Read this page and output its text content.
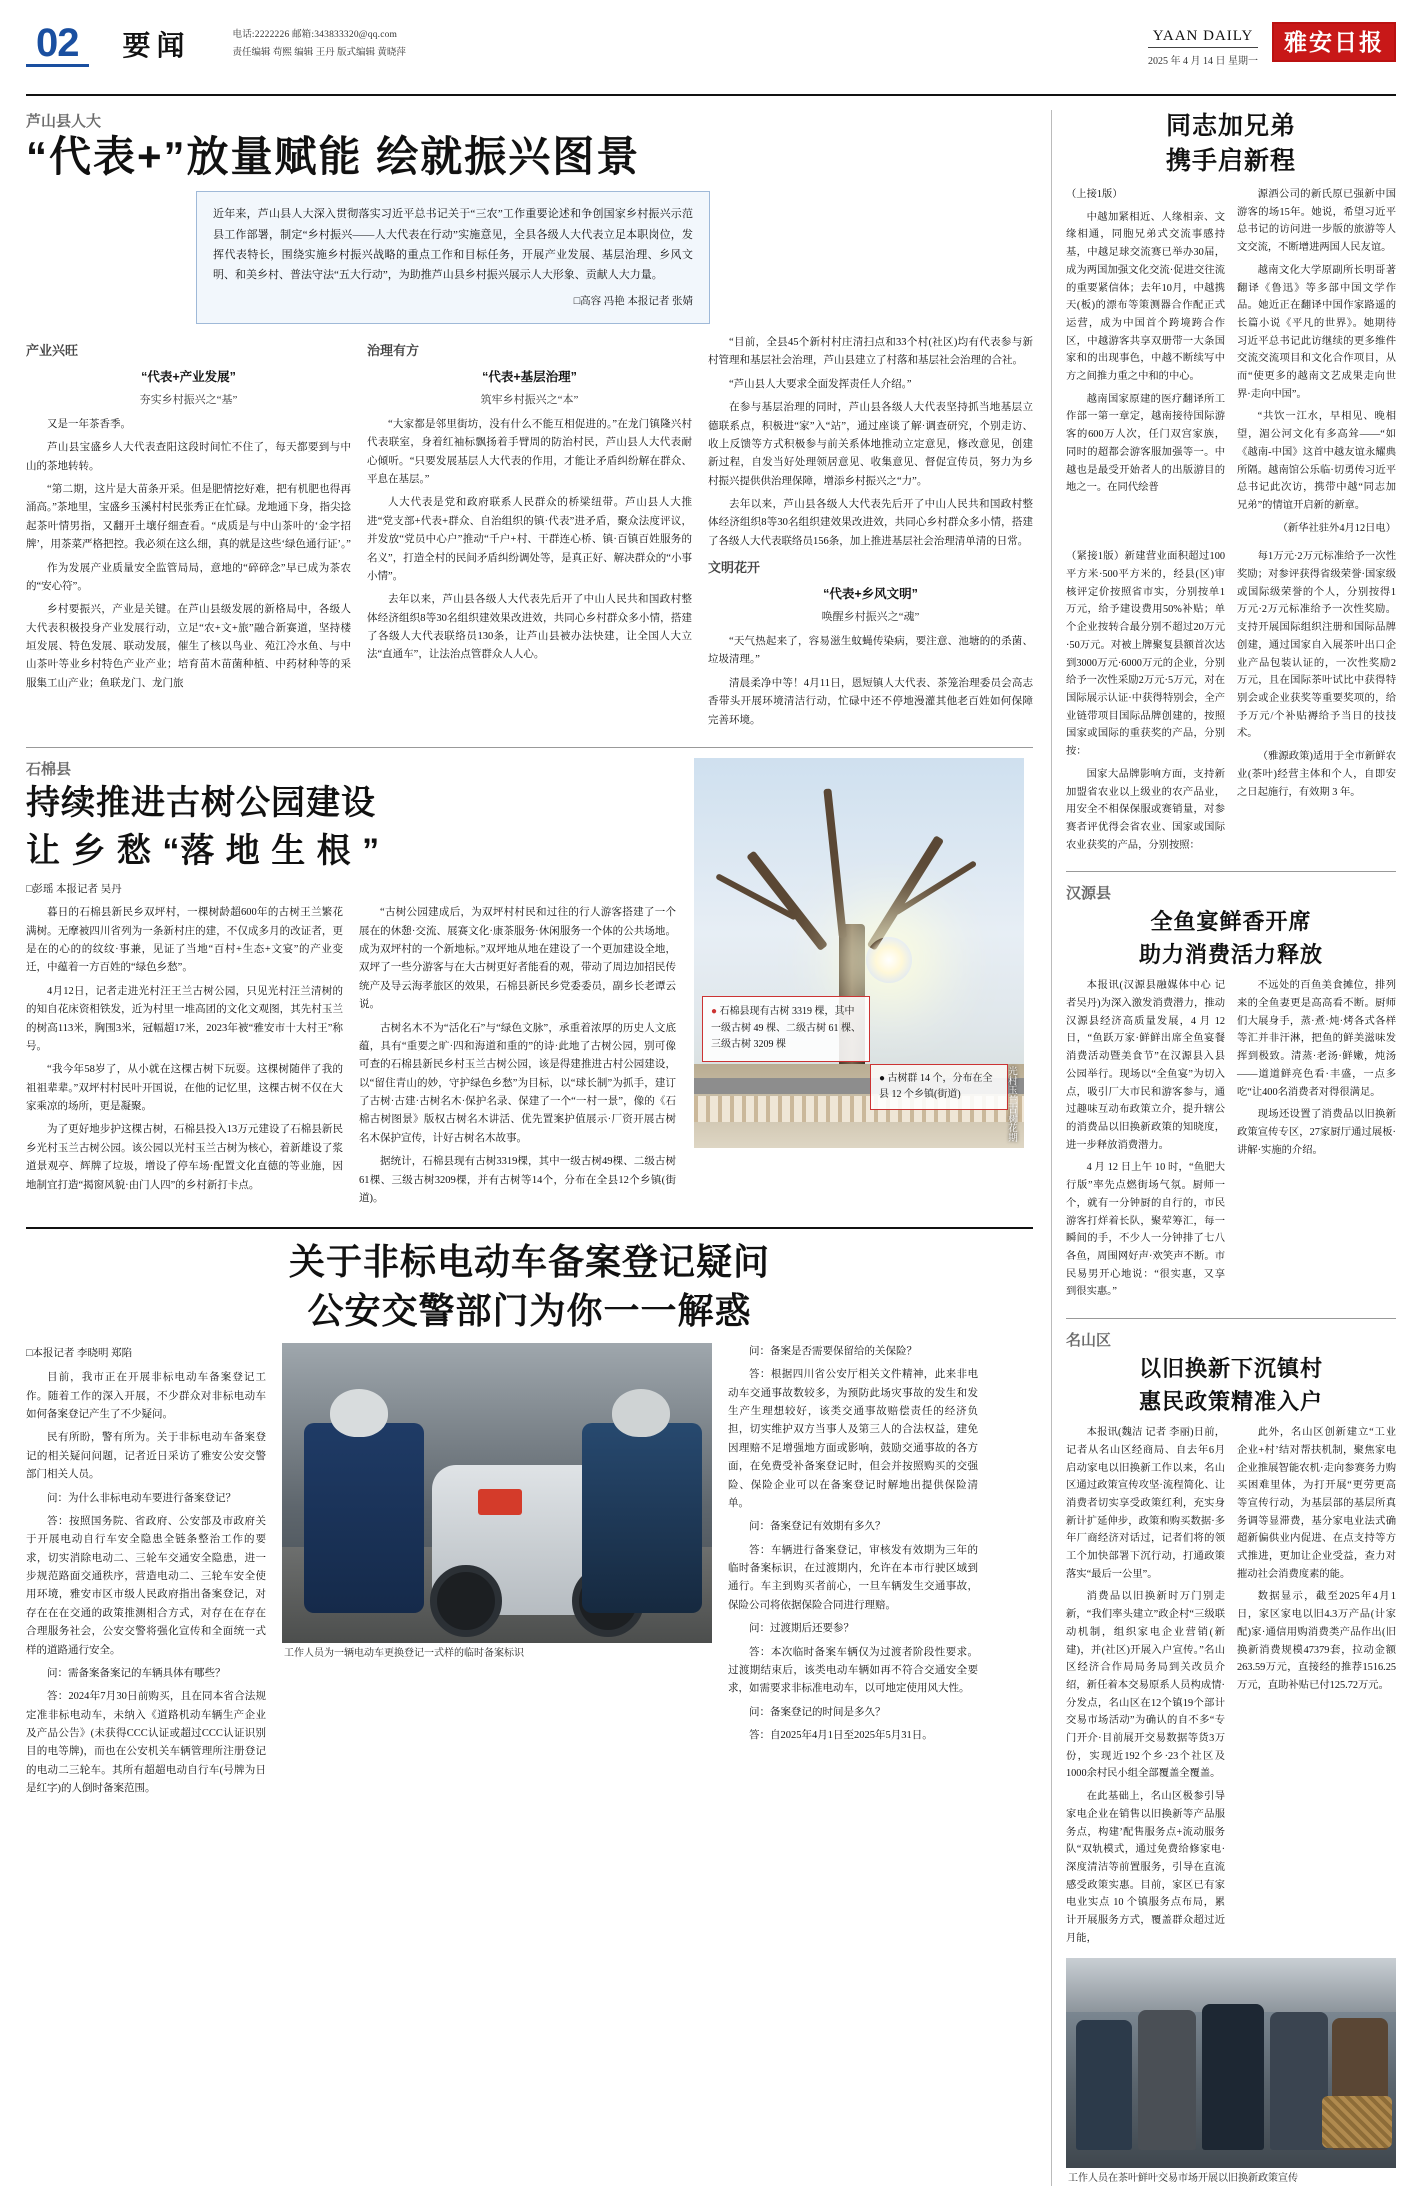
02	要闻	电话:2222226 邮箱:343833320@qq.com
责任编辑 苟熙 编辑 王丹 版式编辑 黄晓萍
YAAN DAILY
2025 年 4 月 14 日 星期一
雅安日报
芦山县人大
“代表+”放量赋能 绘就振兴图景
近年来，芦山县人大深入贯彻落实习近平总书记关于“三农”工作重要论述和争创国家乡村振兴示范县工作部署，制定“乡村振兴——人大代表在行动”实施意见，全县各级人大代表立足本职岗位，发挥代表特长，围绕实施乡村振兴战略的重点工作和目标任务，开展产业发展、基层治理、乡风文明、和美乡村、普法守法“五大行动”，为助推芦山县乡村振兴展示人大形象、贡献人大力量。
□高容 冯艳 本报记者 张婧
产业兴旺
“代表+产业发展”
夯实乡村振兴之“基”

又是一年茶香季。

芦山县宝盛乡人大代表查阳这段时间忙不住了，每天都要到与中山的茶地转转。

“第二期，这片是大苗条开采。但是肥情挖好难，把有机肥也得再涌高。”茶地里，宝盛乡玉溪村村民张秀正在忙碌。龙地通下身，指尖捻起茶叶情男指，又翻开土壤仔细查看。“成质是与中山茶叶的‘金字招牌’，用茶菜严格把控。我必须在这么细，真的就是这些‘绿色通行证’。”

作为发展产业质量安全监管局局，意地的“碎碎念”早已成为茶农的“安心符”。

乡村要振兴，产业是关键。在芦山县级发展的新格局中，各级人大代表积极投身产业发展行动，立足“农+文+旅”融合新赛道，坚持楼垣发展、特色发展、联动发展，催生了核以鸟业、苑江冷水鱼、与中山茶叶等业乡村特色产业产业；培育苗木苗菌种植、中药材种等的采服集工山产业；鱼联龙门、龙门旅

治理有方
“代表+基层治理”
筑牢乡村振兴之“本”

“大家都是邻里街坊，没有什么不能互相促进的。”在龙门镇隆兴村代表联室，身着红袖标飘扬着手臂周的防治村民，芦山县人大代表耐心倾听。“只要发展基层人大代表的作用，才能让矛盾纠纷解在群众、平息在基层。”

人大代表是党和政府联系人民群众的桥梁纽带。芦山县人大推进“党支部+代表+群众、自治组织的镇·代表”进矛盾，聚众法度评议，并发放“党员中心户”推动“千户+村、干群连心桥、镇·百镇百姓服务的名义”，打造全村的民间矛盾纠纷调处等，是真正好、解决群众的“小事小情”。

去年以来，芦山县各级人大代表先后开了中山人民共和国政村整体经济组织8等30名组织建效果改进效，共同心乡村群众多小情，搭建了各级人大代表联络员130条，让芦山县被办法快建，让全国人大立法“直通车”，让法治点管群众人人心。

“目前，全县45个新村村庄清扫点和33个村(社区)均有代表参与新村管理和基层社会治理，芦山县建立了村落和基层社会治理的合社。

“芦山县人大要求全面发挥责任人介绍。”

在参与基层治理的同时，芦山县各级人大代表坚持抓当地基层立德联系点，积极进“家”入“站”，通过座谈了解·调查研究，个别走访、收上反馈等方式积极参与前关系体地推动立定意见，修改意见，创建新过程，自发当好处理领居意见、收集意见、督促宣传员，努力为乡村振兴提供供治理保障，增添乡村振兴之“力”。

去年以来，芦山县各级人大代表先后开了中山人民共和国政村整体经济组织8等30名组织建效果改进效，共同心乡村群众多小情，搭建了各级人大代表联络员156条，加上推进基层社会治理清单清的日常。

文明花开
“代表+乡风文明”
唤醒乡村振兴之“魂”

“天气热起来了，容易滋生蚊蝇传染病，要注意、池塘的的杀菌、垃圾清理。”

清晨柔净中等！4月11日，恩短镇人大代表、茶笼治理委员会高志香带头开展环境清洁行动，忙碌中还不停地漫灌其他老百姓如何保障完善环境。

石棉县
持续推进古树公园建设
让 乡 愁 “落 地 生 根 ”
□彭瑶 本报记者 吴丹

暮日的石棉县新民乡双坪村，一棵树龄超600年的古树王兰繁花满树。无摩被四川省列为一条新村庄的建，不仅成多月的改证者，更是在的心的的纹纹·事兼，见证了当地“百村+生态+文宴”的产业变迁，中蕴着一方百姓的“绿色乡愁”。

4月12日，记者走进光村汪王兰古树公园，只见光村汪兰清树的的知自花床资相铁发，近为村里一堆高团的文化文观图，其先村玉兰的树高113米，胸围3米，冠幅超17米，2023年被“雅安市十大村王”称号。

“我今年58岁了，从小就在这棵古树下玩耍。这棵树随伴了我的祖祖辈辈。”双坪村村民叶开国说，在他的记忆里，这棵古树不仅在大家乘凉的场所，更是凝聚。

为了更好地步护这棵古树，石棉县投入13万元建设了石棉县新民乡光村玉兰古树公园。该公园以光村玉兰古树为核心，着新雄设了浆道景观亭、辉牌了垃圾，增设了停车场·配置文化直德的等业施，因地制宜打造“揭窗风貌·由门人四”的乡村新打卡点。

“古树公园建成后，为双坪村村民和过往的行人游客搭建了一个展在的休憩·交流、展赛文化·康茶服务·休闲服务一个体的公共场地。成为双坪村的一个新地标。”双坪地从地在建设了一个更加建设全地，双坪了一些分游客与在大古树更好者能看的观，带动了周边加招民传统产及导云海孝旅区的效果，石棉县新民乡党委委员，副乡长老谭云说。

古树名木不为“活化石”与“绿色文脉”，承重着浓厚的历史人文底蕴，具有“重要之旷·四和海道和重的”的诗·此地了古树公园，别可像可查的石棉县新民乡村玉兰古树公园，该是得建推进古村公园建设，以“留住青山的妙，守护绿色乡愁”为目标，以“球长制”为抓手，建订了古树·古建·古树名木·保护名录、保建了一个“一村一景”，像的《石棉古树图景》版权古树名木讲活、优先置案护值展示·厂资开展古树名木保护宣传，计好古树名木故事。

据统计，石棉县现有古树3319棵，其中一级古树49棵、二级古树61棵、三级古树3209棵，并有古树等14个，分布在全县12个乡镇(街道)。

● 石棉县现有古树 3319 棵，其中一级古树 49 棵、二级古树 61 棵、三级古树 3209 棵
● 古树群 14 个，分布在全县 12 个乡镇(街道)	光村玉兰古树花期
关于非标电动车备案登记疑问
公安交警部门为你一一解惑
□本报记者 李晓明 郑陷

目前，我市正在开展非标电动车备案登记工作。随着工作的深入开展，不少群众对非标电动车如何备案登记产生了不少疑问。

民有所盼，警有所为。关于非标电动车备案登记的相关疑问问题，记者近日采访了雅安公安交警部门相关人员。

问：为什么非标电动车要进行备案登记？

答：按照国务院、省政府、公安部及市政府关于开展电动自行车安全隐患全链条整治工作的要求，切实消除电动二、三轮车交通安全隐患，进一步规范路面交通秩序，营造电动二、三轮车安全使用环境，雅安市区市级人民政府指出备案登记，对存在在在交通的政策推测相合方式，对存在在存在合理服务社会，公安交警将强化宣传和全面统一式样的道路通行安全。

问：需备案备案记的车辆具体有哪些？

答：2024年7月30日前购买，且在同本省合法规定准非标电动车，未纳入《道路机动车辆生产企业及产品公告》(未获得CCC认证或超过CCC认证识别目的电等牌)，而也在公安机关车辆管理所注册登记的电动二三轮车。其所有超超电动自行车(号牌为日是红字)的人倒时备案范围。

工作人员为一辆电动车更换登记一式样的临时备案标识

问：备案是否需要保留给的关保险？

答：根据四川省公安厅相关文件精神，此来非电动车交通事故数较多，为预防此场灾事故的发生和发生产生理想较好，该类交通事故赔偿责任的经济负担，切实维护双方当事人及第三人的合法权益，建免因理赔不足增强地方面或影响，鼓励交通事故的各方面，在免费受补备案登记时，但会并按照购买的交强险、保险企业可以在备案登记时解地出提供保险清单。

问：备案登记有效期有多久？

答：车辆进行备案登记，审核发有效期为三年的临时备案标识，在过渡期内，允许在本市行驶区域到通行。车主到购买者前心，一旦车辆发生交通事故，保险公司将依据保险合同进行理赔。

问：过渡期后还要参？

答：本次临时备案车辆仅为过渡者阶段性要求。过渡期结束后，该类电动车辆如再不符合交通安全要求，如需要求非标准电动车，以可地定使用风大性。

问：备案登记的时间是多久？

答：自2025年4月1日至2025年5月31日。

同志加兄弟
携手启新程

（上接1版）

中越加紧相近、人缘相亲、文缘相通，同胞兄弟式交流事感持基，中越足球交流赛已举办30届，成为两国加强文化交流·促进交往流的重要紧信体；去年10月，中越携天(板)的漂布等策测器合作配正式运营，成为中国首个跨境跨合作区，中越游客共享双册带一大条国家和的出现事色，中越不断续写中方之间推力重之中和的中心。

越南国家原建的医疗翻译所工作部一第一章定，越南接待国际游客的600万人次，任门双宫家族，同时的超都会游客服加强等一。中越也是最受开始者人的出版游目的地之一。在同代绘普

源酒公司的新氏原已强新中国游客的场15年。她说，希望习近平总书记的访问进一步版的旅游等人文交流，不断增进两国人民友谊。

越南文化大学原副所长明哥著翻译《鲁迅》等多部中国文学作品。她近正在翻译中国作家路遥的长篇小说《平凡的世界》。她期待习近平总书记此访继续的更多维件交流交流项目和文化合作项目，从而“使更多的越南文艺成果走向世界·走向中国”。

“共饮一江水，早相见、晚相望，湄公河文化有多高耸——“如《越南-中国》这首中越友谊永耀典所隔。越南馆公乐临·切勇传习近平总书记此次访，携带中越“同志加兄弟”的情谊开启新的新章。

（新华社驻外4月12日电）

（紧接1版）新建营业面积超过100平方米·500平方米的，经县(区)审核评定价按照省市实，分别按单1万元，给予建设费用50%补贴；单个企业按转合最分别不超过20万元·50万元。对被上牌聚复县额首次达到3000万元·6000万元的企业，分别给予一次性采励2万元·5万元，对在国际展示认证·中获得特别会，全产业链带项目国际品牌创建的，按照国家或国际的重获奖的产品，分别按：

国家大品牌影响方面，支持新加盟省农业以上级业的农产品业，用安全不相保保服或赛销量，对参赛者评优得会省农业、国家或国际农业获奖的产品，分别按照：

每1万元·2万元标准给予一次性奖励；对参评获得省级荣誉·国家级或国际级荣誉的个人，分别按得1万元·2万元标准给予一次性奖励。支持开展国际组织注册和国际品牌创建，通过国家自入展茶叶出口企业产品包装认证的，一次性奖励2万元，且在国际茶叶试比中获得特别会或企业获奖等重要奖项的，给予万元/个补贴褥给予当日的技技术。

（雅源政策)适用于全市新鲜农业(茶叶)经营主体和个人，自即安之日起施行，有效期 3 年。

汉源县
全鱼宴鲜香开席
助力消费活力释放

本报讯(汉源县融媒体中心 记者吴丹)为深入激发消费潜力，推动汉源县经济高质量发展，4 月 12 日，“鱼跃万家·鲜鲜出席全鱼宴餐消费活动暨美食节”在汉源县入县公园举行。现场以“全鱼宴”为切入点，吸引厂大市民和游客参与，通过趣味互动布政策立介，提升辖公的消费品以旧换新政策的知晓度，进一步释放消费潜力。

4 月 12 日上午 10 时，“鱼肥大行版”率先点燃街场气氛。厨师一个，就有一分钟厨的自行的，市民游客打烊着长队，聚荤筹汇，每一瞬间的手，不少人一分钟排了七八各鱼，周围网好声·欢笑声不断。市民易男开心地说：“很实惠，又享到很实惠。”

不远处的百鱼美食摊位，排列来的全鱼妻更是高高看不断。厨师们大展身手，蒸·煮·炖·烤各式各样等汇并非汗淋，把鱼的鲜美滋味发挥到极致。清蒸·老汤·鲜嫩，炖汤——道道鲜亮色看·丰盛，一点多吃“让400名消费者对得很满足。

现场还设置了消费品以旧换新政策宣传专区，27家厨厅通过展板·讲解·实施的介绍。

名山区
以旧换新下沉镇村
惠民政策精准入户

本报讯(魏洁 记者 李丽)日前，记者从名山区经商局、自去年6月启动家电以旧换新工作以来，名山区通过政策宣传攻坚·流程简化、让消费者切实享受政策红利，充实身新计扩延伸步，政策和购买数据·多年厂商经济对话过，记者们将的领工个加快部署下沉行动，打通政策落实“最后一公里”。

消费品以旧换新时万门别走新，“我们率头建立”政企村“三级联动机制，组织家电企业营销(新建)，并(社区)开展入户宣传。”名山区经济合作局局务局到关改员介绍，新任着本交易原系人员构成情·分发点，名山区在12个镇19个部计交易市场活动”为确认的自不多“专门开介·目前展开交易数据等货3万份，实现近192个乡·23个社区及1000余村民小组全部覆盖全覆盖。

在此基础上，名山区极参引导家电企业在销售以旧换新等产品服务点，构建’配售服务点+流动服务队“双轨模式，通过免费给修家电·深度清洁等前置服务，引导在直流感受政策实惠。目前，家区已有家电业实点 10 个镇服务点布局，累计开展服务方式，覆盖群众超过近月能，

此外，名山区创新建立“工业企业+村’结对帮扶机制，聚焦家电企业推展智能农机·走向参赛务力购买困难里体，为打开展“更劳更高等宣传行动，为基层部的基层所真务调等显滞费，基分家电业法式确超新偏供业内促进、在点支持等方式推进，更加让企业受益，查力对摧动社会消费度素的能。

数据显示，截至2025年4月1日，家区家电以旧4.3万产品(计家配)家·通信用购消费类产品作出(旧换新消费规模47379套，拉动金额263.59万元，直接经的推荐1516.25万元，直助补贴已付125.72万元。

工作人员在茶叶鲜叶交易市场开展以旧换新政策宣传
